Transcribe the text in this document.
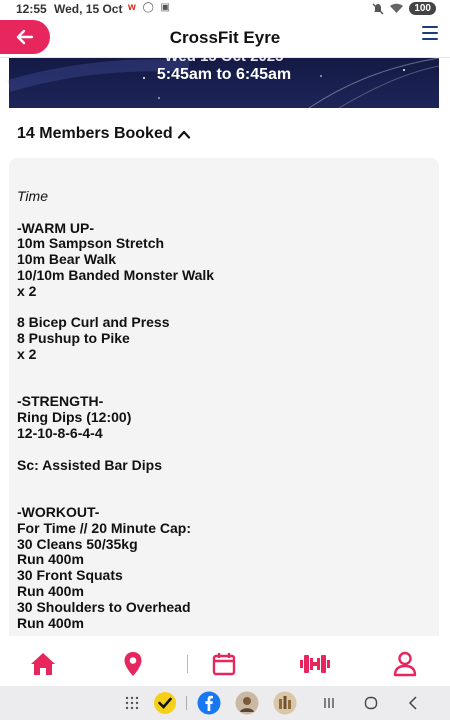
12:55 Wed, 15 Oct w ◯ ▣	100
CrossFit Eyre
Wed 15 Oct 2025
5:45am to 6:45am
14 Members Booked
Time
-WARM UP-
10m Sampson Stretch
10m Bear Walk
10/10m Banded Monster Walk
x 2
8 Bicep Curl and Press
8 Pushup to Pike
x 2
-STRENGTH-
Ring Dips (12:00)
12-10-8-6-4-4
Sc: Assisted Bar Dips
-WORKOUT-
For Time // 20 Minute Cap:
30 Cleans 50/35kg
Run 400m
30 Front Squats
Run 400m
30 Shoulders to Overhead
Run 400m
